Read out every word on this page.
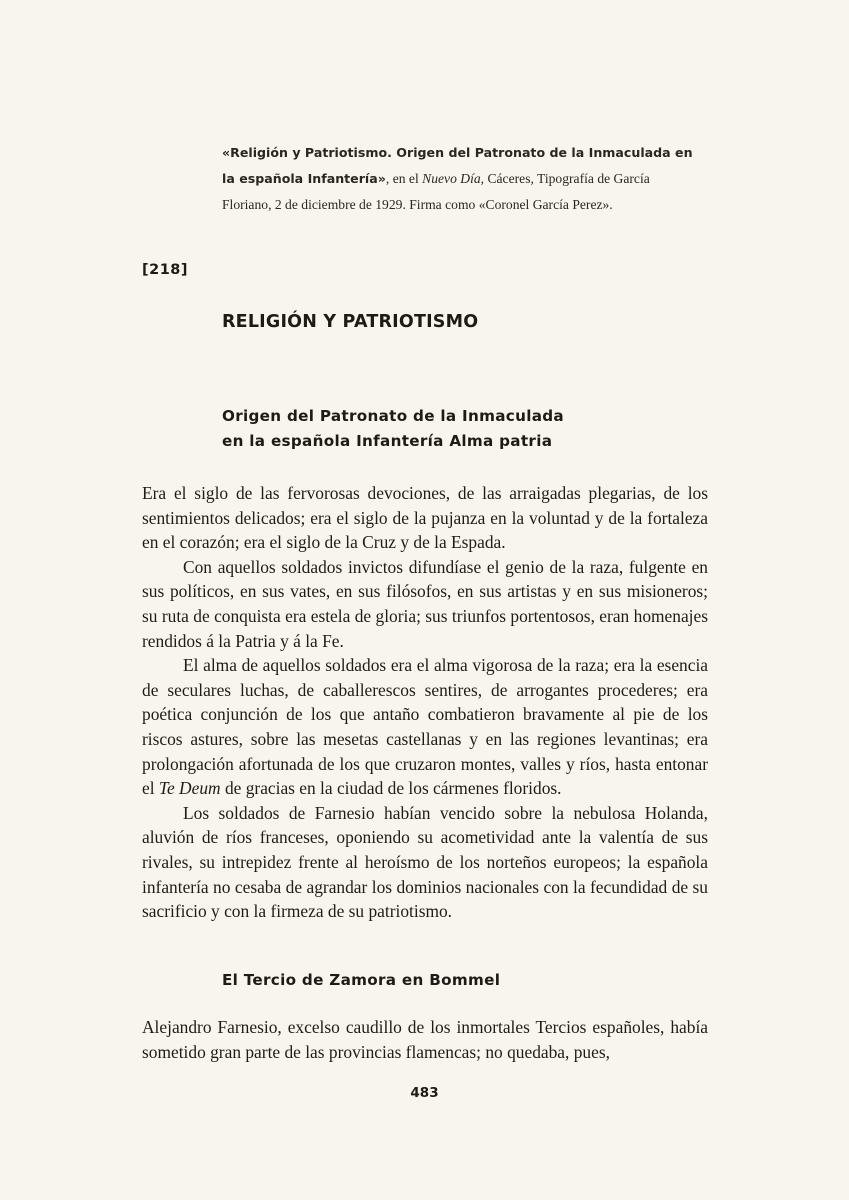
«Religión y Patriotismo. Origen del Patronato de la Inmaculada en la española Infantería», en el Nuevo Día, Cáceres, Tipografía de García Floriano, 2 de diciembre de 1929. Firma como «Coronel García Perez».
[218]
RELIGIÓN Y PATRIOTISMO
Origen del Patronato de la Inmaculada
en la española Infantería Alma patria

Era el siglo de las fervorosas devociones, de las arraigadas plegarias, de los sentimientos delicados; era el siglo de la pujanza en la voluntad y de la fortaleza en el corazón; era el siglo de la Cruz y de la Espada.

Con aquellos soldados invictos difundíase el genio de la raza, fulgente en sus políticos, en sus vates, en sus filósofos, en sus artistas y en sus misioneros; su ruta de conquista era estela de gloria; sus triunfos portentosos, eran homenajes rendidos á la Patria y á la Fe.

El alma de aquellos soldados era el alma vigorosa de la raza; era la esencia de seculares luchas, de caballerescos sentires, de arrogantes procederes; era poética conjunción de los que antaño combatieron bravamente al pie de los riscos astures, sobre las mesetas castellanas y en las regiones levantinas; era prolongación afortunada de los que cruzaron montes, valles y ríos, hasta entonar el Te Deum de gracias en la ciudad de los cármenes floridos.

Los soldados de Farnesio habían vencido sobre la nebulosa Holanda, aluvión de ríos franceses, oponiendo su acometividad ante la valentía de sus rivales, su intrepidez frente al heroísmo de los norteños europeos; la española infantería no cesaba de agrandar los dominios nacionales con la fecundidad de su sacrificio y con la firmeza de su patriotismo.

El Tercio de Zamora en Bommel

Alejandro Farnesio, excelso caudillo de los inmortales Tercios españoles, había sometido gran parte de las provincias flamencas; no quedaba, pues,

483
